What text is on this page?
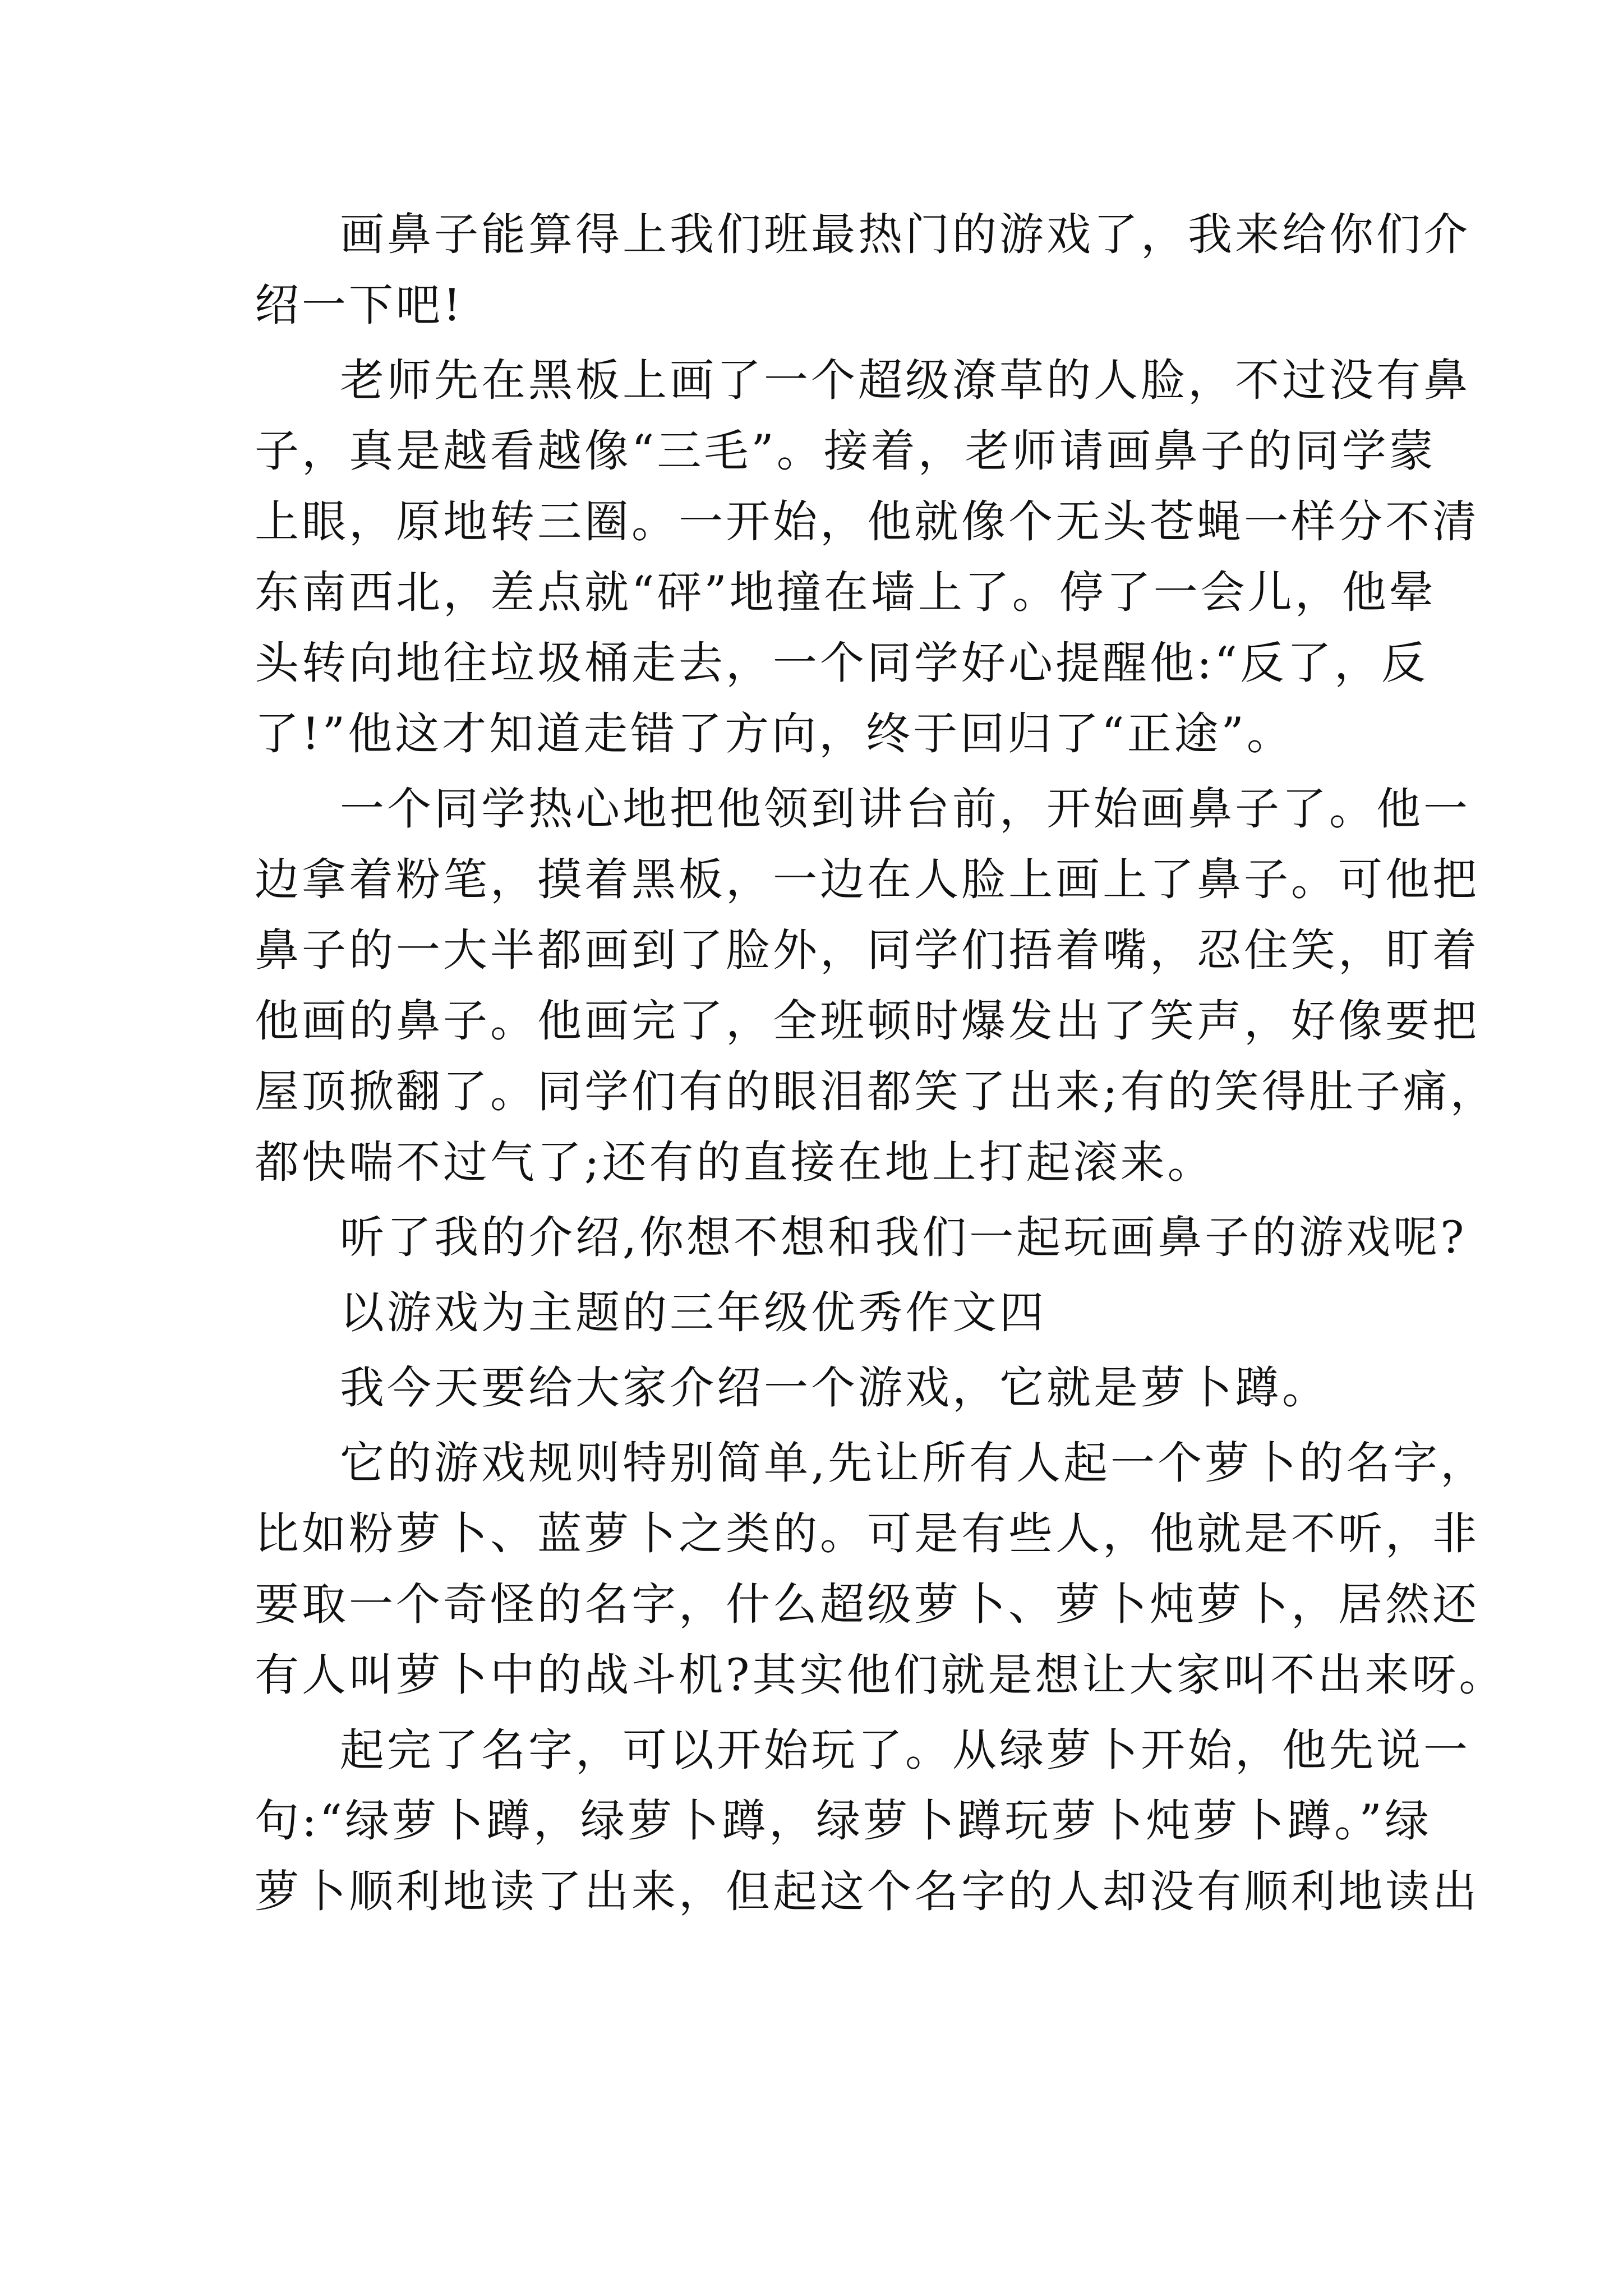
画鼻子能算得上我们班最热门的游戏了，我来给你们介
绍一下吧!
老师先在黑板上画了一个超级潦草的人脸，不过没有鼻
子，真是越看越像“三毛”。接着，老师请画鼻子的同学蒙
上眼，原地转三圈。一开始，他就像个无头苍蝇一样分不清
东南西北，差点就“砰”地撞在墙上了。停了一会儿，他晕
头转向地往垃圾桶走去，一个同学好心提醒他:“反了，反
了!”他这才知道走错了方向，终于回归了“正途”。
一个同学热心地把他领到讲台前，开始画鼻子了。他一
边拿着粉笔，摸着黑板，一边在人脸上画上了鼻子。可他把
鼻子的一大半都画到了脸外，同学们捂着嘴，忍住笑，盯着
他画的鼻子。他画完了，全班顿时爆发出了笑声，好像要把
屋顶掀翻了。同学们有的眼泪都笑了出来;有的笑得肚子痛，
都快喘不过气了;还有的直接在地上打起滚来。
听了我的介绍,你想不想和我们一起玩画鼻子的游戏呢?
以游戏为主题的三年级优秀作文四
我今天要给大家介绍一个游戏，它就是萝卜蹲。
它的游戏规则特别简单,先让所有人起一个萝卜的名字，
比如粉萝卜、蓝萝卜之类的。可是有些人，他就是不听，非
要取一个奇怪的名字，什么超级萝卜、萝卜炖萝卜，居然还
有人叫萝卜中的战斗机?其实他们就是想让大家叫不出来呀。
起完了名字，可以开始玩了。从绿萝卜开始，他先说一
句:“绿萝卜蹲，绿萝卜蹲，绿萝卜蹲玩萝卜炖萝卜蹲。”绿
萝卜顺利地读了出来，但起这个名字的人却没有顺利地读出
